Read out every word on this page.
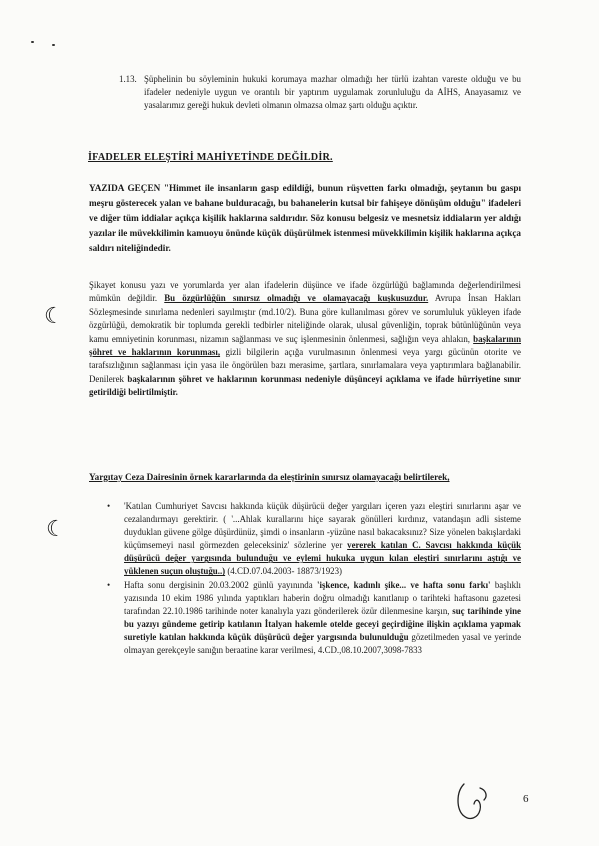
☾
☾
1.13. Şüphelinin bu söyleminin hukuki korumaya mazhar olmadığı her türlü izahtan vareste olduğu ve bu ifadeler nedeniyle uygun ve orantılı bir yaptırım uygulamak zorunluluğu da AİHS, Anayasamız ve yasalarımız gereği hukuk devleti olmanın olmazsa olmaz şartı olduğu açıktır.
İFADELER ELEŞTİRİ MAHİYETİNDE DEĞİLDİR.

YAZIDA GEÇEN "Himmet ile insanların gasp edildiği, bunun rüşvetten farkı olmadığı, şeytanın bu gaspı meşru gösterecek yalan ve bahane bulduracağı, bu bahanelerin kutsal bir fahişeye dönüşüm olduğu" ifadeleri ve diğer tüm iddialar açıkça kişilik haklarına saldırıdır. Söz konusu belgesiz ve mesnetsiz iddiaların yer aldığı yazılar ile müvekkilimin kamuoyu önünde küçük düşürülmek istenmesi müvekkilimin kişilik haklarına açıkça saldırı niteliğindedir.

Şikayet konusu yazı ve yorumlarda yer alan ifadelerin düşünce ve ifade özgürlüğü bağlamında değerlendirilmesi mümkün değildir. Bu özgürlüğün sınırsız olmadığı ve olamayacağı kuşkusuzdur. Avrupa İnsan Hakları Sözleşmesinde sınırlama nedenleri sayılmıştır (md.10/2). Buna göre kullanılması görev ve sorumluluk yükleyen ifade özgürlüğü, demokratik bir toplumda gerekli tedbirler niteliğinde olarak, ulusal güvenliğin, toprak bütünlüğünün veya kamu emniyetinin korunması, nizamın sağlanması ve suç işlenmesinin önlenmesi, sağlığın veya ahlakın, başkalarının şöhret ve haklarının korunması, gizli bilgilerin açığa vurulmasının önlenmesi veya yargı gücünün otorite ve tarafsızlığının sağlanması için yasa ile öngörülen bazı merasime, şartlara, sınırlamalara veya yaptırımlara bağlanabilir. Denilerek başkalarının şöhret ve haklarının korunması nedeniyle düşünceyi açıklama ve ifade hürriyetine sınır getirildiği belirtilmiştir.

Yargıtay Ceza Dairesinin örnek kararlarında da eleştirinin sınırsız olamayacağı belirtilerek,
• 'Katılan Cumhuriyet Savcısı hakkında küçük düşürücü değer yargıları içeren yazı eleştiri sınırlarını aşar ve cezalandırmayı gerektirir. ( '...Ahlak kurallarını hiçe sayarak gönülleri kırdınız, vatandaşın adli sisteme duyduklan güvene gölge düşürdünüz, şimdi o insanların -yüzüne nasıl bakacaksınız? Size yönelen bakışlardaki küçümsemeyi nasıl görmezden geleceksiniz' sözlerine yer vererek katılan C. Savcısı hakkında küçük düşürücü değer yargısında bulunduğu ve eylemi hukuka uygun kılan eleştiri sınırlarını aştığı ve yüklenen suçun oluştuğu..) (4.CD.07.04.2003- 18873/1923)
• Hafta sonu dergisinin 20.03.2002 günlü yayınında 'işkence, kadınlı şike... ve hafta sonu farkı' başlıklı yazısında 10 ekim 1986 yılında yaptıkları haberin doğru olmadığı kanıtlanıp o tarihteki haftasonu gazetesi tarafından 22.10.1986 tarihinde noter kanalıyla yazı gönderilerek özür dilenmesine karşın, suç tarihinde yine bu yazıyı gündeme getirip katılanın İtalyan hakemle otelde geceyi geçirdiğine ilişkin açıklama yapmak suretiyle katılan hakkında küçük düşürücü değer yargısında bulunulduğu gözetilmeden yasal ve yerinde olmayan gerekçeyle sanığın beraatine karar verilmesi, 4.CD.,08.10.2007,3098-7833
6
